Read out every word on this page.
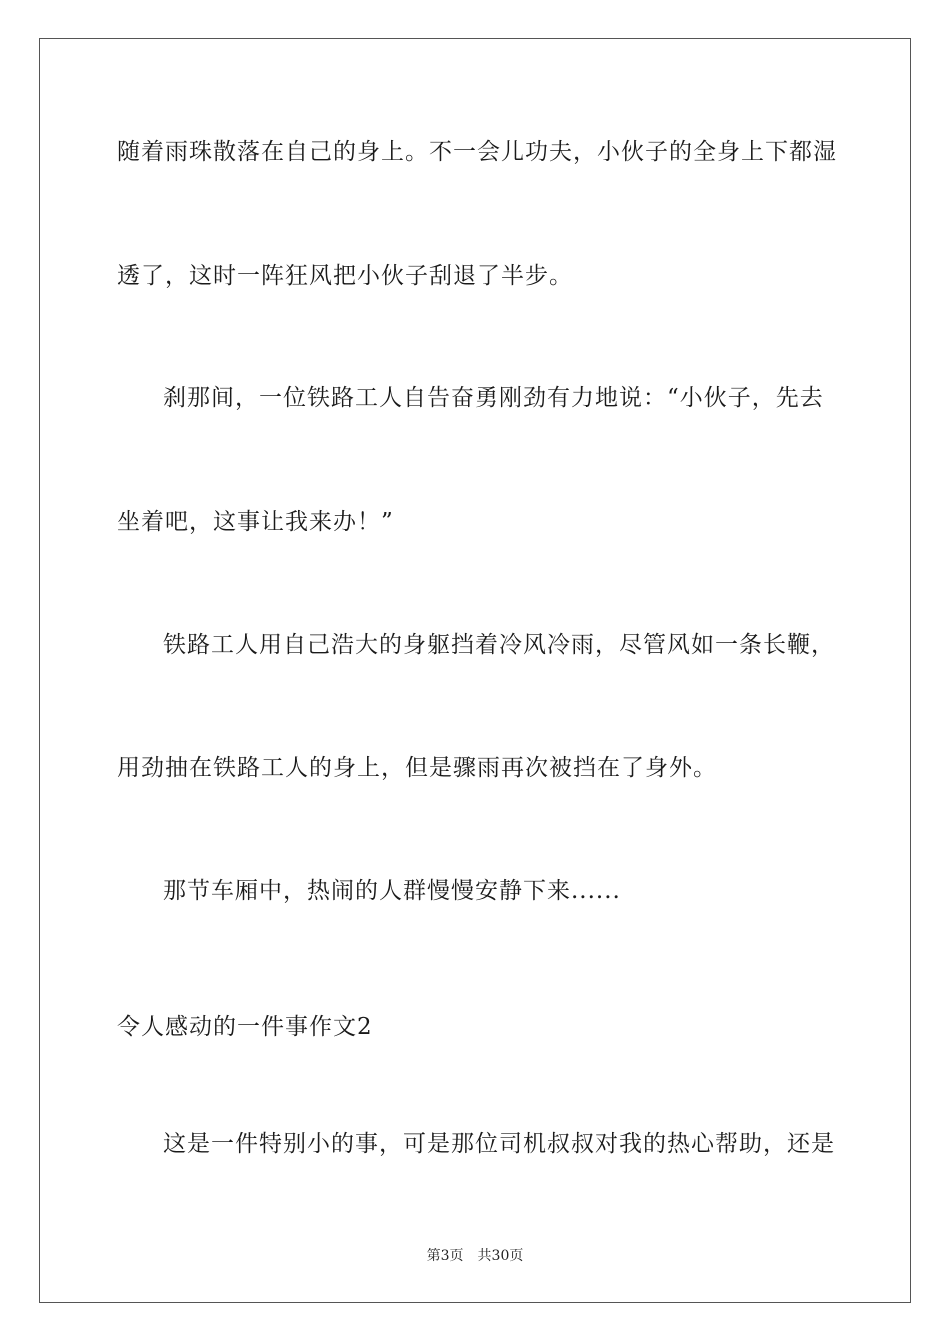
随着雨珠散落在自己的身上。不一会儿功夫，小伙子的全身上下都湿
透了，这时一阵狂风把小伙子刮退了半步。
刹那间，一位铁路工人自告奋勇刚劲有力地说：“小伙子，先去
坐着吧，这事让我来办！”
铁路工人用自己浩大的身躯挡着冷风冷雨，尽管风如一条长鞭，
用劲抽在铁路工人的身上，但是骤雨再次被挡在了身外。
那节车厢中，热闹的人群慢慢安静下来......
令人感动的一件事作文2
这是一件特别小的事，可是那位司机叔叔对我的热心帮助，还是
第3页 共30页
